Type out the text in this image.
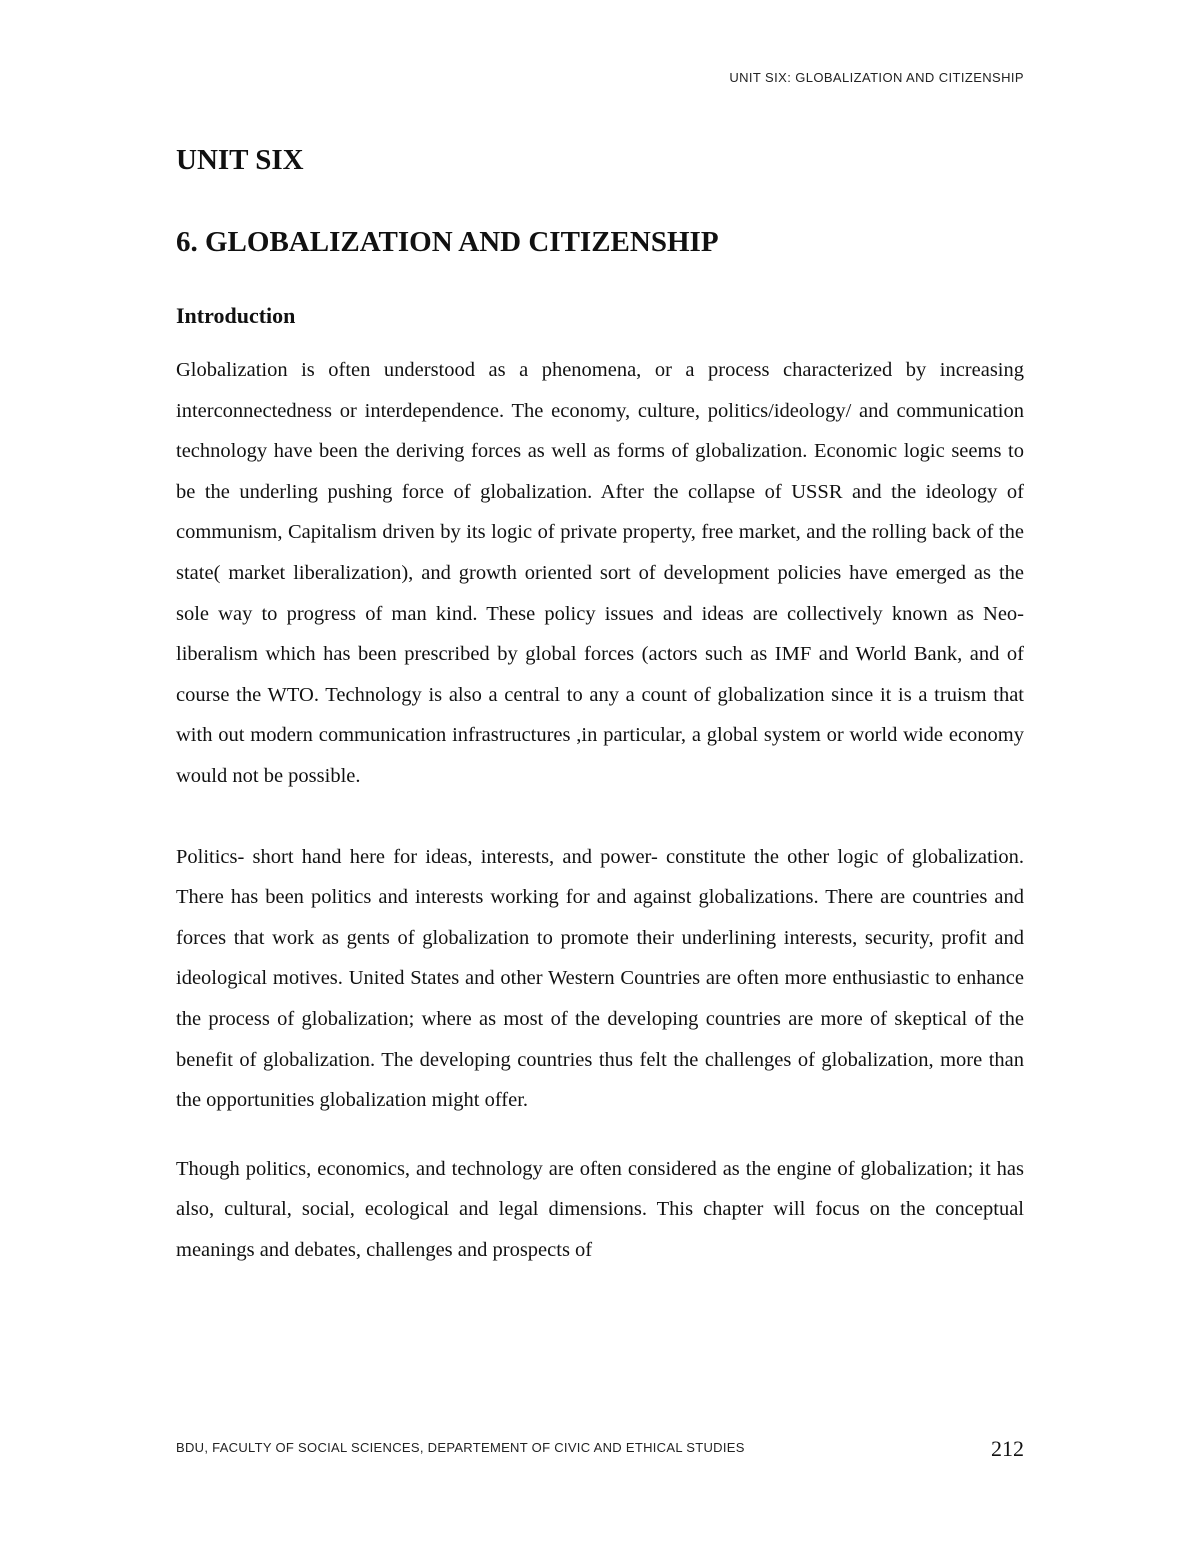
UNIT SIX: GLOBALIZATION AND CITIZENSHIP
UNIT SIX
6. GLOBALIZATION AND CITIZENSHIP
Introduction

Globalization is often understood as a phenomena, or a process characterized by increasing interconnectedness or interdependence. The economy, culture, politics/ideology/ and communication technology have been the deriving forces as well as forms of globalization. Economic logic seems to be the underling pushing force of globalization. After the collapse of USSR and the ideology of communism, Capitalism driven by its logic of private property, free market, and the rolling back of the state( market liberalization), and growth oriented sort of development policies have emerged as the sole way to progress of man kind. These policy issues and ideas are collectively known as Neo-liberalism which has been prescribed by global forces (actors such as IMF and World Bank, and of course the WTO. Technology is also a central to any a count of globalization since it is a truism that with out modern communication infrastructures ,in particular, a global system or world wide economy would not be possible.

Politics- short hand here for ideas, interests, and power- constitute the other logic of globalization. There has been politics and interests working for and against globalizations. There are countries and forces that work as gents of globalization to promote their underlining interests, security, profit and ideological motives. United States and other Western Countries are often more enthusiastic to enhance the process of globalization; where as most of the developing countries are more of skeptical of the benefit of globalization. The developing countries thus felt the challenges of globalization, more than the opportunities globalization might offer.

Though politics, economics, and technology are often considered as the engine of globalization; it has also, cultural, social, ecological and legal dimensions. This chapter will focus on the conceptual meanings and debates, challenges and prospects of

BDU, FACULTY OF SOCIAL SCIENCES, DEPARTEMENT OF CIVIC AND ETHICAL STUDIES	212
